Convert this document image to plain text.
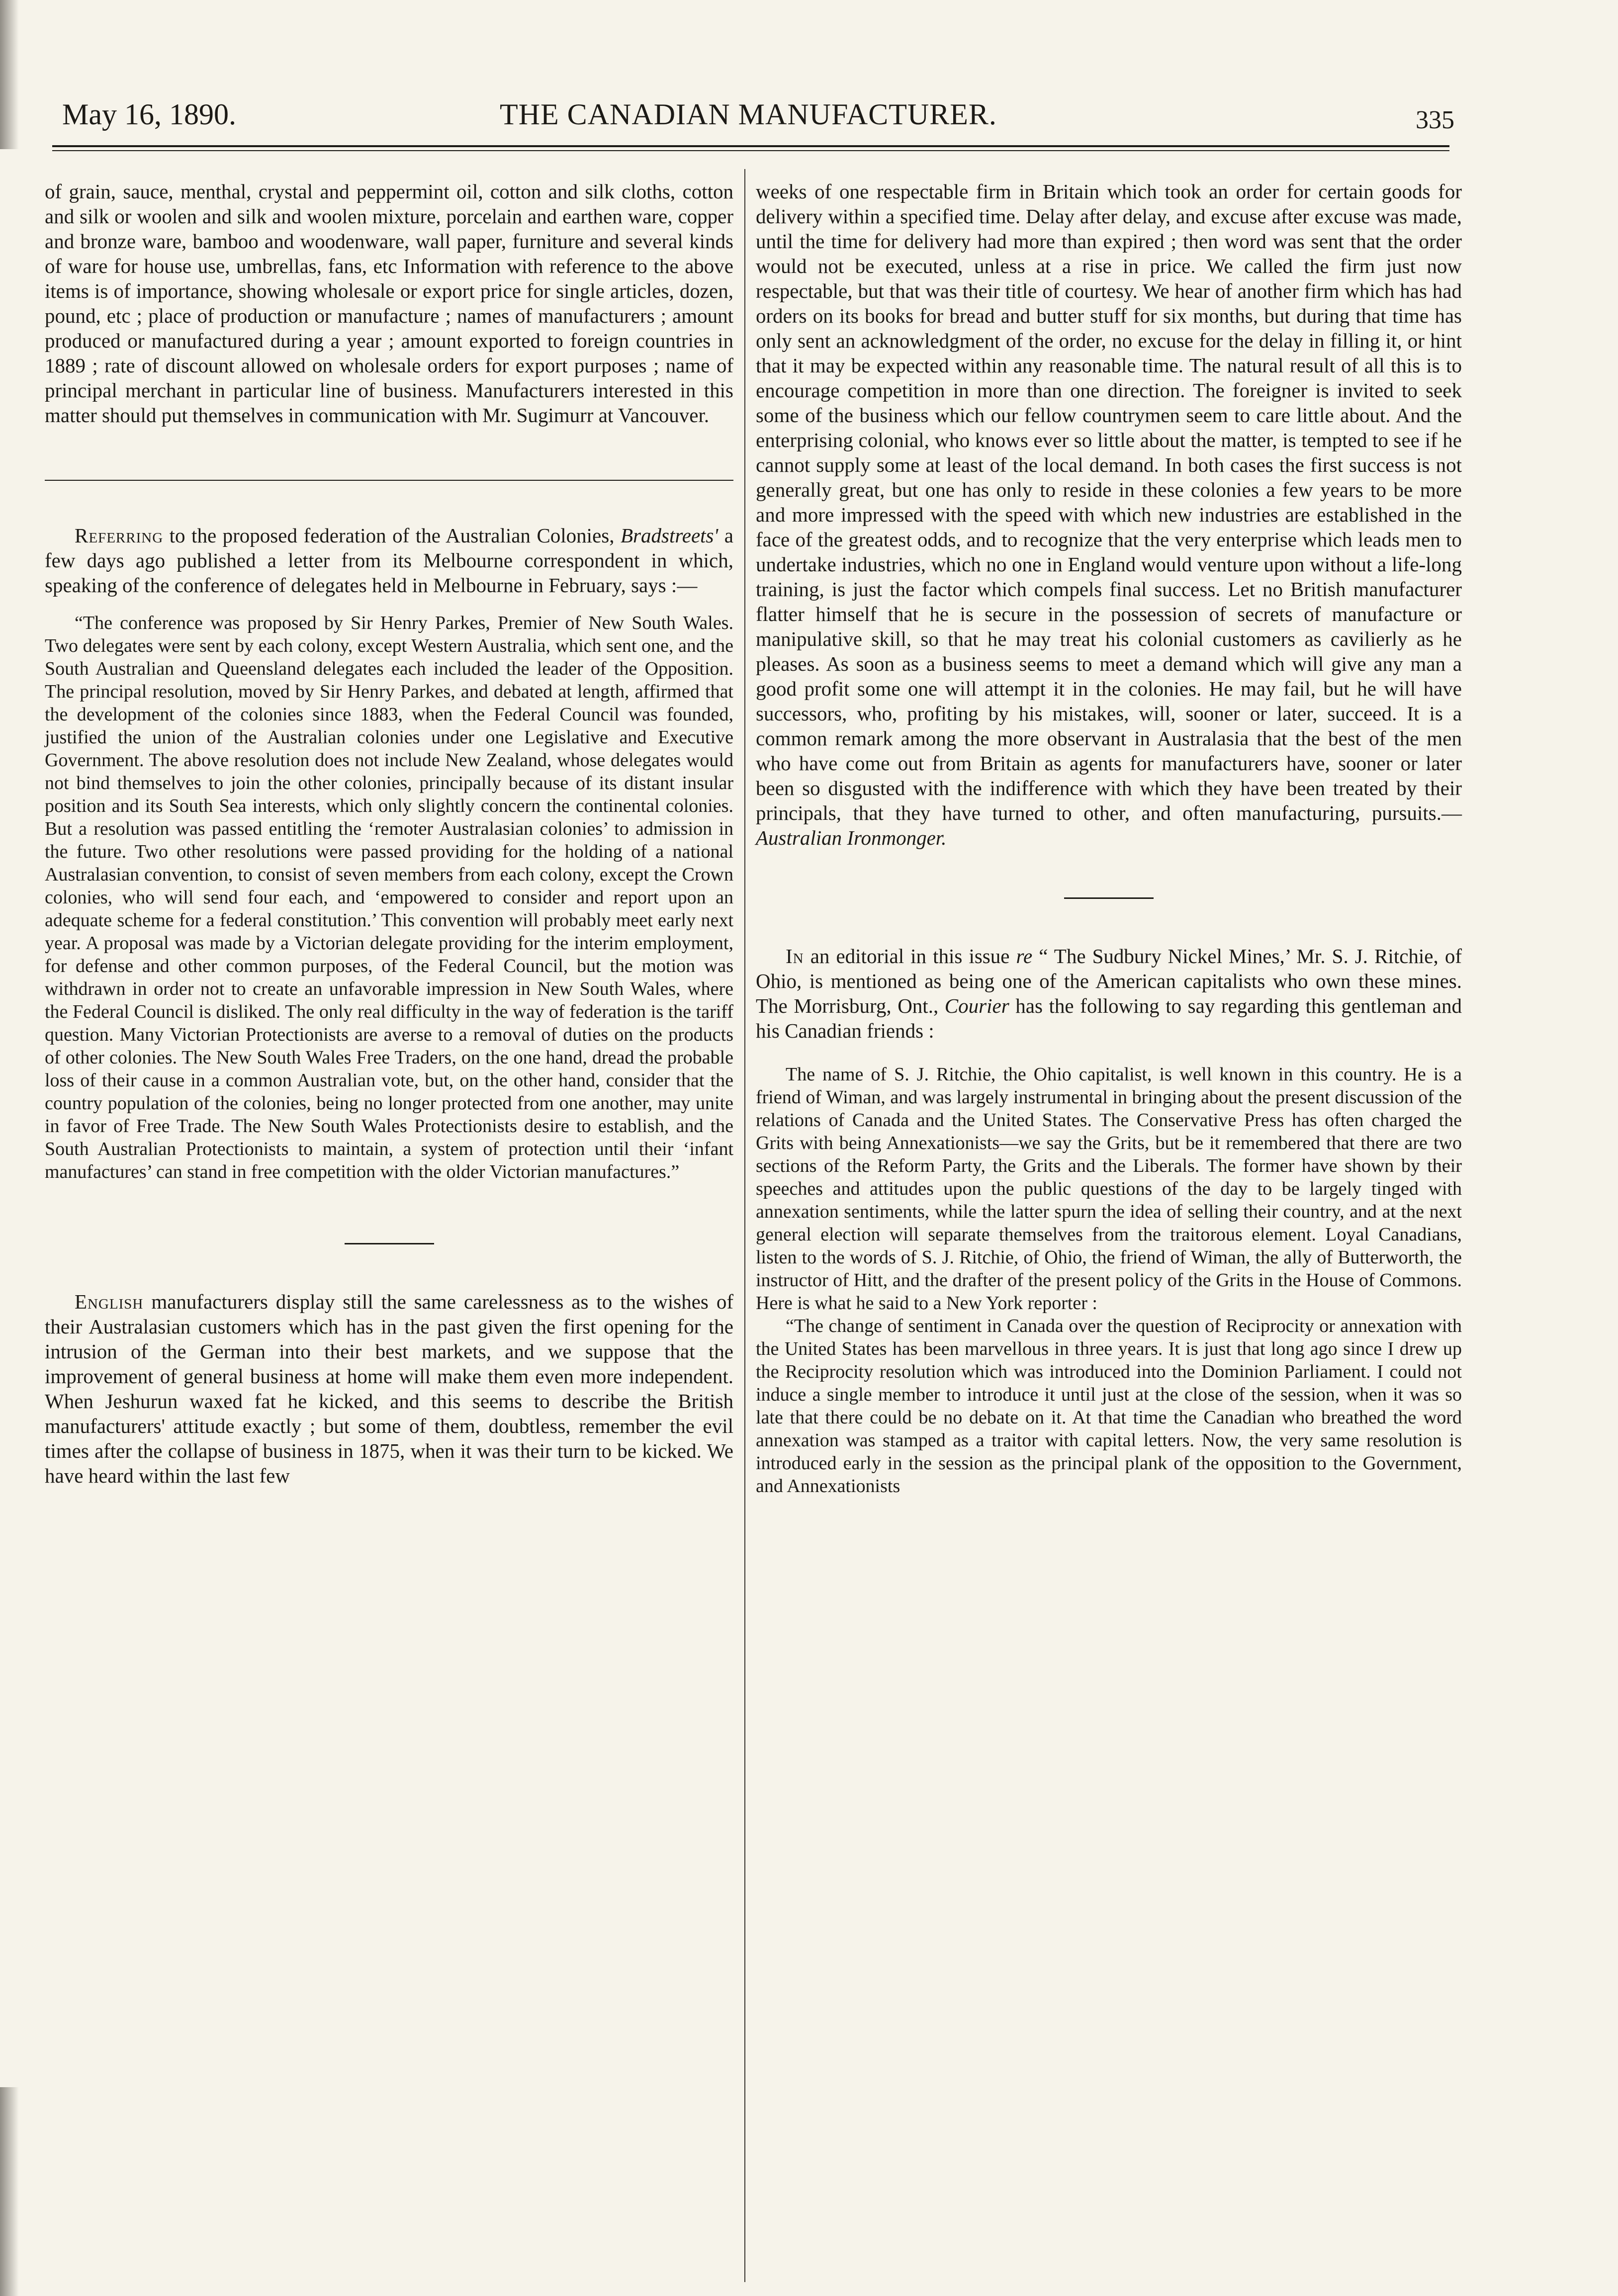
May 16, 1890.	THE CANADIAN MANUFACTURER.	335

of grain, sauce, menthal, crystal and peppermint oil, cotton and silk cloths, cotton and silk or woolen and silk and woolen mixture, porcelain and earthen ware, copper and bronze ware, bamboo and woodenware, wall paper, furniture and several kinds of ware for house use, umbrellas, fans, etc Information with reference to the above items is of importance, showing wholesale or export price for single articles, dozen, pound, etc ; place of production or manufacture ; names of manufacturers ; amount produced or manufactured during a year ; amount exported to foreign countries in 1889 ; rate of discount allowed on wholesale orders for export purposes ; name of principal merchant in particular line of business. Manufacturers interested in this matter should put themselves in communication with Mr. Sugimurr at Vancouver.

Referring to the proposed federation of the Australian Colonies, Bradstreets' a few days ago published a letter from its Melbourne correspondent in which, speaking of the conference of delegates held in Melbourne in February, says :—

“The conference was proposed by Sir Henry Parkes, Premier of New South Wales. Two delegates were sent by each colony, except Western Australia, which sent one, and the South Australian and Queensland delegates each included the leader of the Opposition. The principal resolution, moved by Sir Henry Parkes, and debated at length, affirmed that the development of the colonies since 1883, when the Federal Council was founded, justified the union of the Australian colonies under one Legislative and Executive Government. The above resolution does not include New Zealand, whose delegates would not bind themselves to join the other colonies, principally because of its distant insular position and its South Sea interests, which only slightly concern the continental colonies. But a resolution was passed entitling the ‘remoter Australasian colonies’ to admission in the future. Two other resolutions were passed providing for the holding of a national Australasian convention, to consist of seven members from each colony, except the Crown colonies, who will send four each, and ‘empowered to consider and report upon an adequate scheme for a federal constitution.’ This convention will probably meet early next year. A proposal was made by a Victorian delegate providing for the interim employment, for defense and other common purposes, of the Federal Council, but the motion was withdrawn in order not to create an unfavorable impression in New South Wales, where the Federal Council is disliked. The only real difficulty in the way of federation is the tariff question. Many Victorian Protectionists are averse to a removal of duties on the products of other colonies. The New South Wales Free Traders, on the one hand, dread the probable loss of their cause in a common Australian vote, but, on the other hand, consider that the country population of the colonies, being no longer protected from one another, may unite in favor of Free Trade. The New South Wales Protectionists desire to establish, and the South Australian Protectionists to maintain, a system of protection until their ‘infant manufactures’ can stand in free competition with the older Victorian manufactures.”

English manufacturers display still the same carelessness as to the wishes of their Australasian customers which has in the past given the first opening for the intrusion of the German into their best markets, and we suppose that the improvement of general business at home will make them even more independent. When Jeshurun waxed fat he kicked, and this seems to describe the British manufacturers' attitude exactly ; but some of them, doubtless, remember the evil times after the collapse of business in 1875, when it was their turn to be kicked. We have heard within the last few

weeks of one respectable firm in Britain which took an order for certain goods for delivery within a specified time. Delay after delay, and excuse after excuse was made, until the time for delivery had more than expired ; then word was sent that the order would not be executed, unless at a rise in price. We called the firm just now respectable, but that was their title of courtesy. We hear of another firm which has had orders on its books for bread and butter stuff for six months, but during that time has only sent an acknowledgment of the order, no excuse for the delay in filling it, or hint that it may be expected within any reasonable time. The natural result of all this is to encourage competition in more than one direction. The foreigner is invited to seek some of the business which our fellow countrymen seem to care little about. And the enterprising colonial, who knows ever so little about the matter, is tempted to see if he cannot supply some at least of the local demand. In both cases the first success is not generally great, but one has only to reside in these colonies a few years to be more and more impressed with the speed with which new industries are established in the face of the greatest odds, and to recognize that the very enterprise which leads men to undertake industries, which no one in England would venture upon without a life-long training, is just the factor which compels final success. Let no British manufacturer flatter himself that he is secure in the possession of secrets of manufacture or manipulative skill, so that he may treat his colonial customers as cavilierly as he pleases. As soon as a business seems to meet a demand which will give any man a good profit some one will attempt it in the colonies. He may fail, but he will have successors, who, profiting by his mistakes, will, sooner or later, succeed. It is a common remark among the more observant in Australasia that the best of the men who have come out from Britain as agents for manufacturers have, sooner or later been so disgusted with the indifference with which they have been treated by their principals, that they have turned to other, and often manufacturing, pursuits.—Australian Ironmonger.

In an editorial in this issue re “ The Sudbury Nickel Mines,’ Mr. S. J. Ritchie, of Ohio, is mentioned as being one of the American capitalists who own these mines. The Morrisburg, Ont., Courier has the following to say regarding this gentleman and his Canadian friends :

The name of S. J. Ritchie, the Ohio capitalist, is well known in this country. He is a friend of Wiman, and was largely instrumental in bringing about the present discussion of the relations of Canada and the United States. The Conservative Press has often charged the Grits with being Annexationists—we say the Grits, but be it remembered that there are two sections of the Reform Party, the Grits and the Liberals. The former have shown by their speeches and attitudes upon the public questions of the day to be largely tinged with annexation sentiments, while the latter spurn the idea of selling their country, and at the next general election will separate themselves from the traitorous element. Loyal Canadians, listen to the words of S. J. Ritchie, of Ohio, the friend of Wiman, the ally of Butterworth, the instructor of Hitt, and the drafter of the present policy of the Grits in the House of Commons. Here is what he said to a New York reporter :

“The change of sentiment in Canada over the question of Reciprocity or annexation with the United States has been marvellous in three years. It is just that long ago since I drew up the Reciprocity resolution which was introduced into the Dominion Parliament. I could not induce a single member to introduce it until just at the close of the session, when it was so late that there could be no debate on it. At that time the Canadian who breathed the word annexation was stamped as a traitor with capital letters. Now, the very same resolution is introduced early in the session as the principal plank of the opposition to the Government, and Annexationists
